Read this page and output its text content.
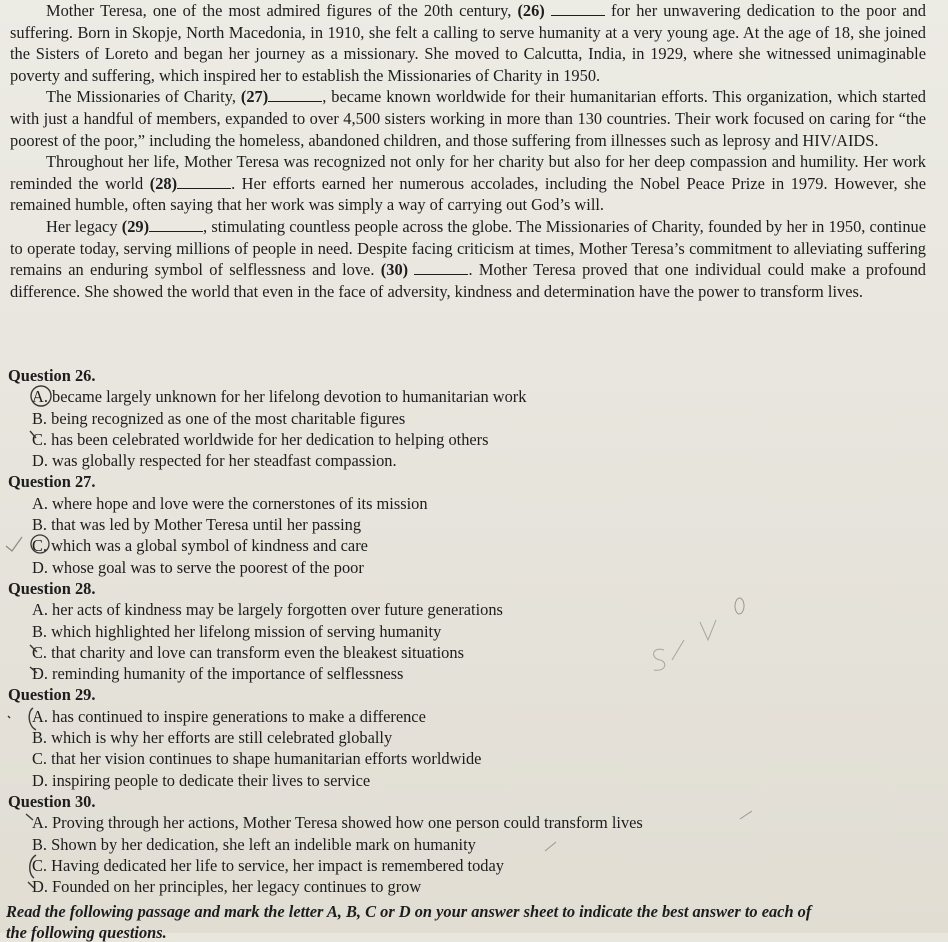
Mother Teresa, one of the most admired figures of the 20th century, (26)	for her unwavering dedication to the poor and suffering. Born in Skopje, North Macedonia, in 1910, she felt a calling to serve humanity at a very young age. At the age of 18, she joined the Sisters of Loreto and began her journey as a missionary. She moved to Calcutta, India, in 1929, where she witnessed unimaginable poverty and suffering, which inspired her to establish the Missionaries of Charity in 1950.

The Missionaries of Charity, (27)	, became known worldwide for their humanitarian efforts. This organization, which started with just a handful of members, expanded to over 4,500 sisters working in more than 130 countries. Their work focused on caring for “the poorest of the poor,” including the homeless, abandoned children, and those suffering from illnesses such as leprosy and HIV/AIDS.

Throughout her life, Mother Teresa was recognized not only for her charity but also for her deep compassion and humility. Her work reminded the world (28)	. Her efforts earned her numerous accolades, including the Nobel Peace Prize in 1979. However, she remained humble, often saying that her work was simply a way of carrying out God’s will.

Her legacy (29)	, stimulating countless people across the globe. The Missionaries of Charity, founded by her in 1950, continue to operate today, serving millions of people in need. Despite facing criticism at times, Mother Teresa’s commitment to alleviating suffering remains an enduring symbol of selflessness and love. (30)	. Mother Teresa proved that one individual could make a profound difference. She showed the world that even in the face of adversity, kindness and determination have the power to transform lives.

Question 26.
A. became largely unknown for her lifelong devotion to humanitarian work
B. being recognized as one of the most charitable figures
C. has been celebrated worldwide for her dedication to helping others
D. was globally respected for her steadfast compassion.
Question 27.
A. where hope and love were the cornerstones of its mission
B. that was led by Mother Teresa until her passing
C. which was a global symbol of kindness and care
D. whose goal was to serve the poorest of the poor
Question 28.
A. her acts of kindness may be largely forgotten over future generations
B. which highlighted her lifelong mission of serving humanity
C. that charity and love can transform even the bleakest situations
D. reminding humanity of the importance of selflessness
Question 29.
A. has continued to inspire generations to make a difference
B. which is why her efforts are still celebrated globally
C. that her vision continues to shape humanitarian efforts worldwide
D. inspiring people to dedicate their lives to service
Question 30.
A. Proving through her actions, Mother Teresa showed how one person could transform lives
B. Shown by her dedication, she left an indelible mark on humanity
C. Having dedicated her life to service, her impact is remembered today
D. Founded on her principles, her legacy continues to grow
Read the following passage and mark the letter A, B, C or D on your answer sheet to indicate the best answer to each of
the following questions.
